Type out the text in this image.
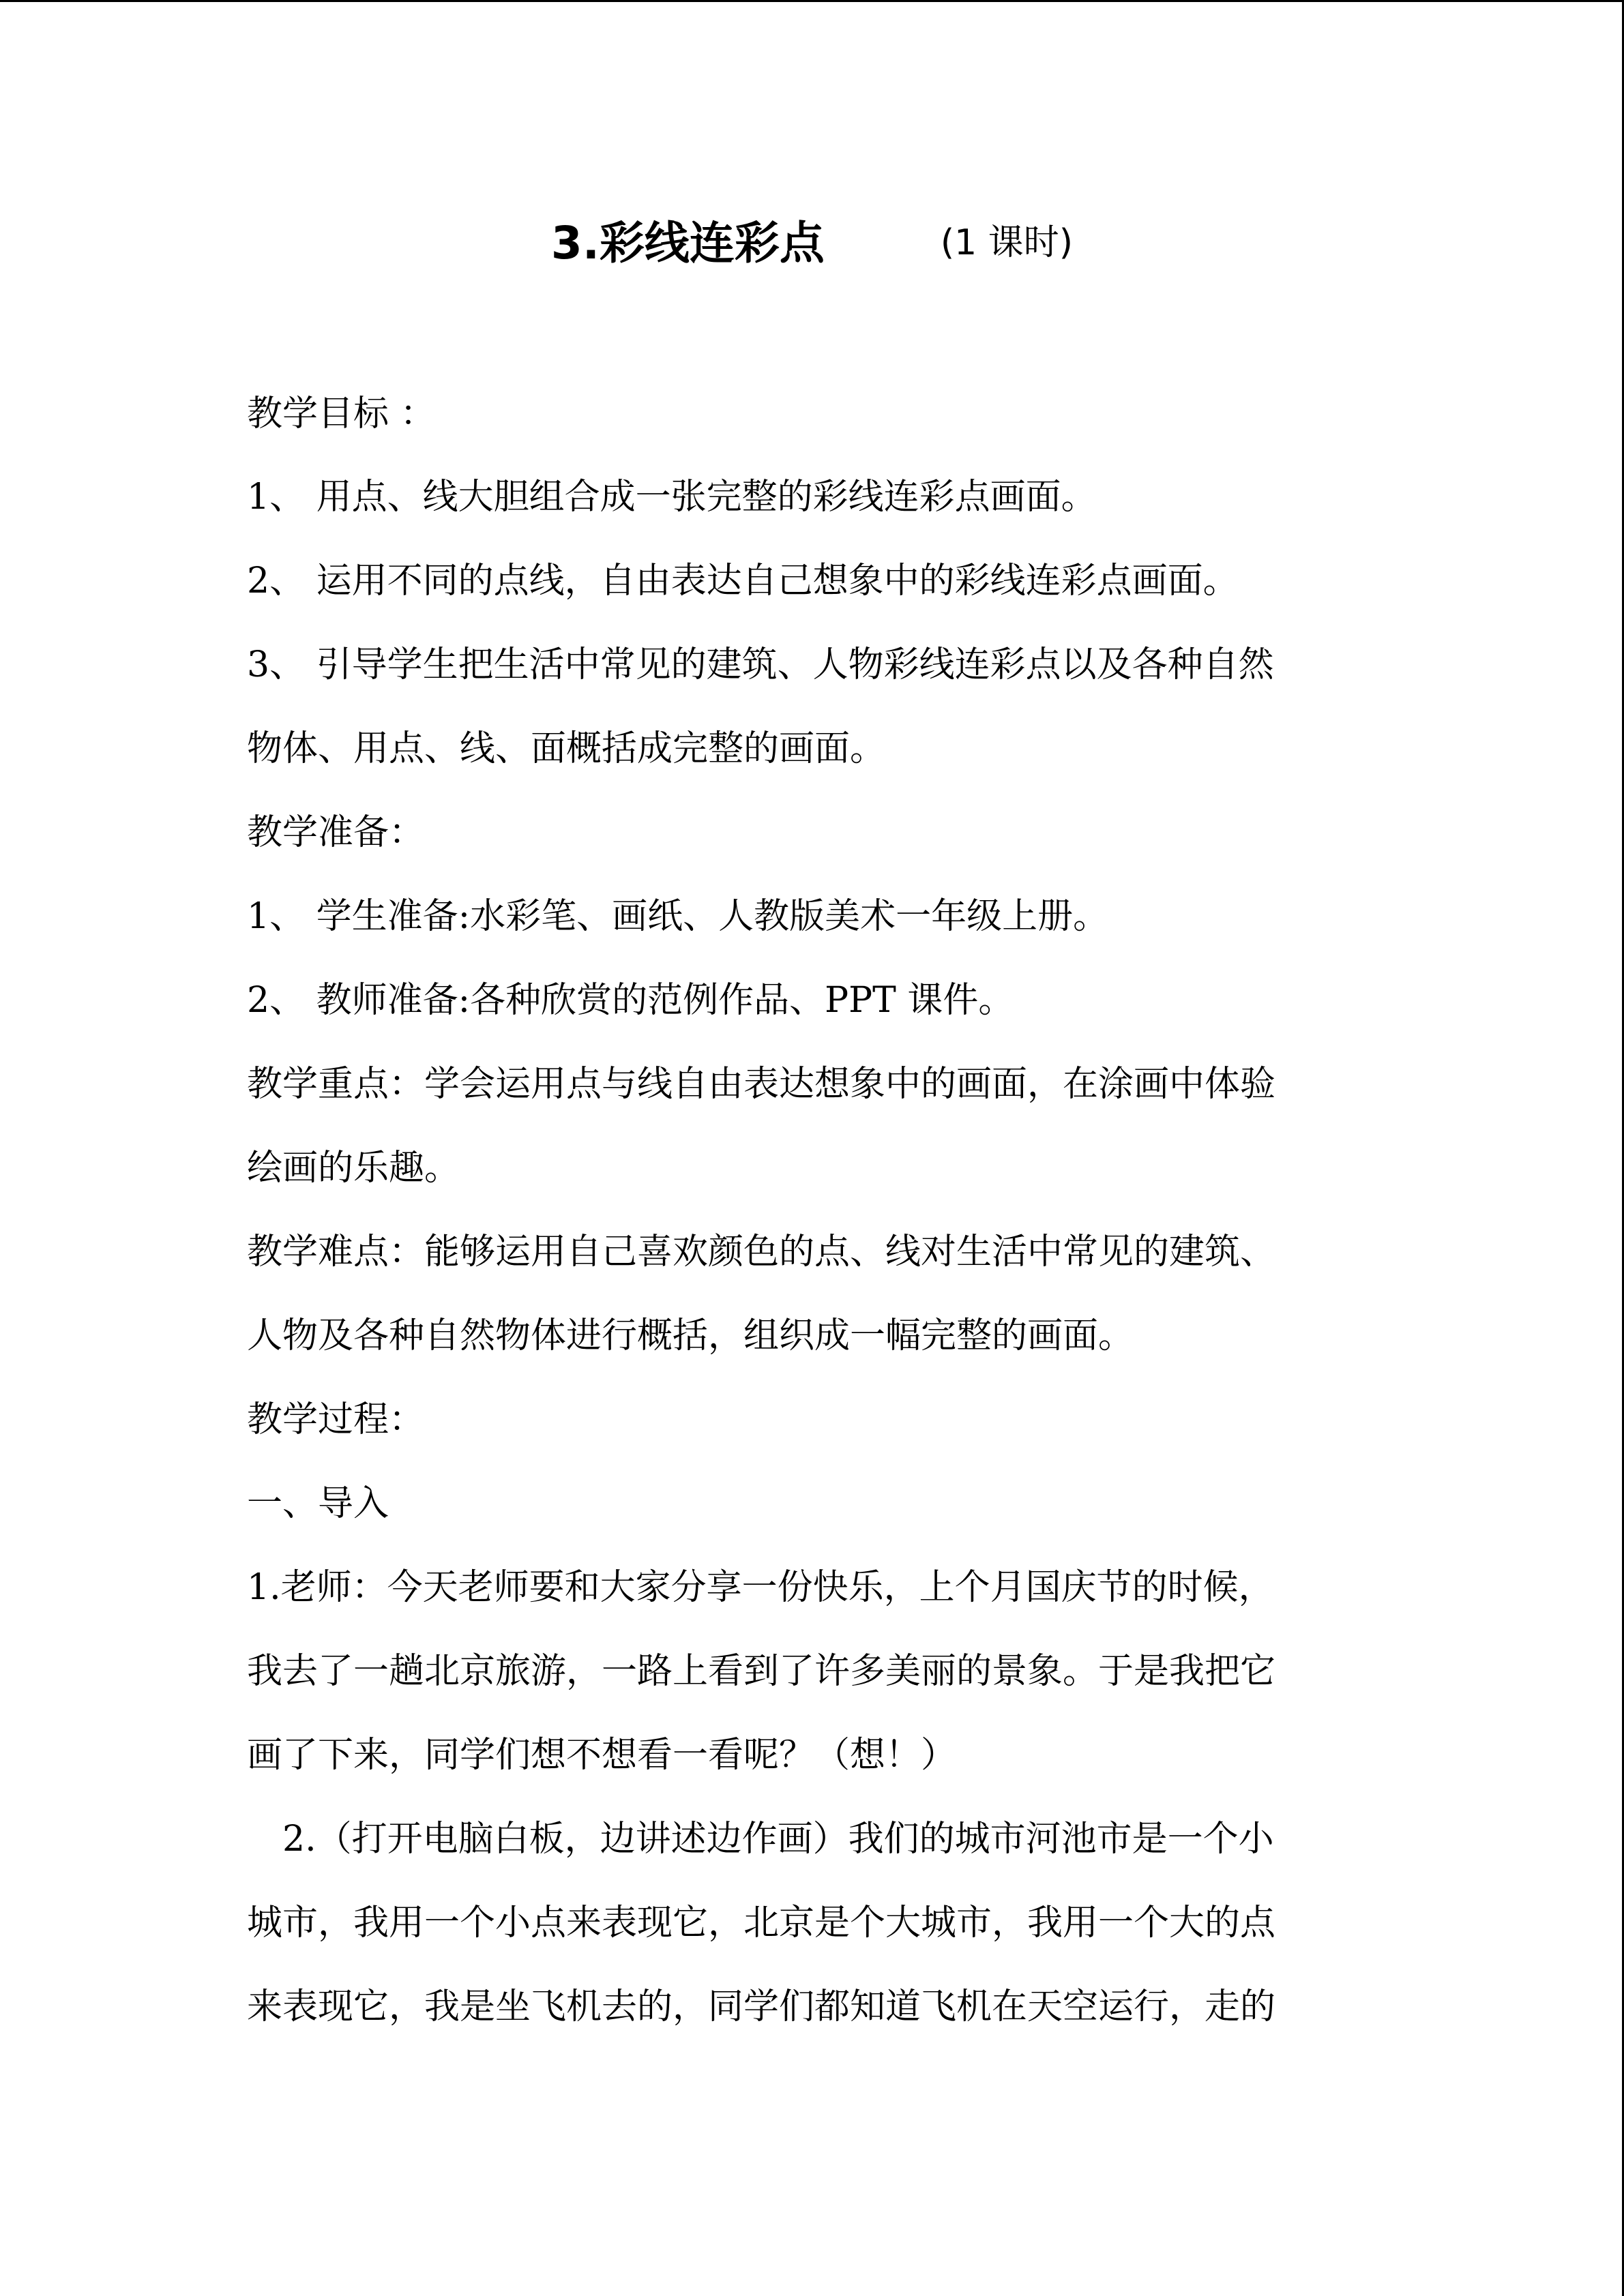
3.彩线连彩点	(1 课时)
教学目标 ：
1、 用点、线大胆组合成一张完整的彩线连彩点画面。
2、 运用不同的点线，自由表达自己想象中的彩线连彩点画面。
3、 引导学生把生活中常见的建筑、人物彩线连彩点以及各种自然
物体、用点、线、面概括成完整的画面。
教学准备：
1、 学生准备:水彩笔、画纸、人教版美术一年级上册。
2、 教师准备:各种欣赏的范例作品、PPT 课件。
教学重点：学会运用点与线自由表达想象中的画面，在涂画中体验
绘画的乐趣。
教学难点：能够运用自己喜欢颜色的点、线对生活中常见的建筑、
人物及各种自然物体进行概括，组织成一幅完整的画面。
教学过程：
一、导入
1.老师：今天老师要和大家分享一份快乐，上个月国庆节的时候，
我去了一趟北京旅游，一路上看到了许多美丽的景象。于是我把它
画了下来，同学们想不想看一看呢？（想！）
2.（打开电脑白板，边讲述边作画）我们的城市河池市是一个小
城市，我用一个小点来表现它，北京是个大城市，我用一个大的点
来表现它，我是坐飞机去的，同学们都知道飞机在天空运行，走的
